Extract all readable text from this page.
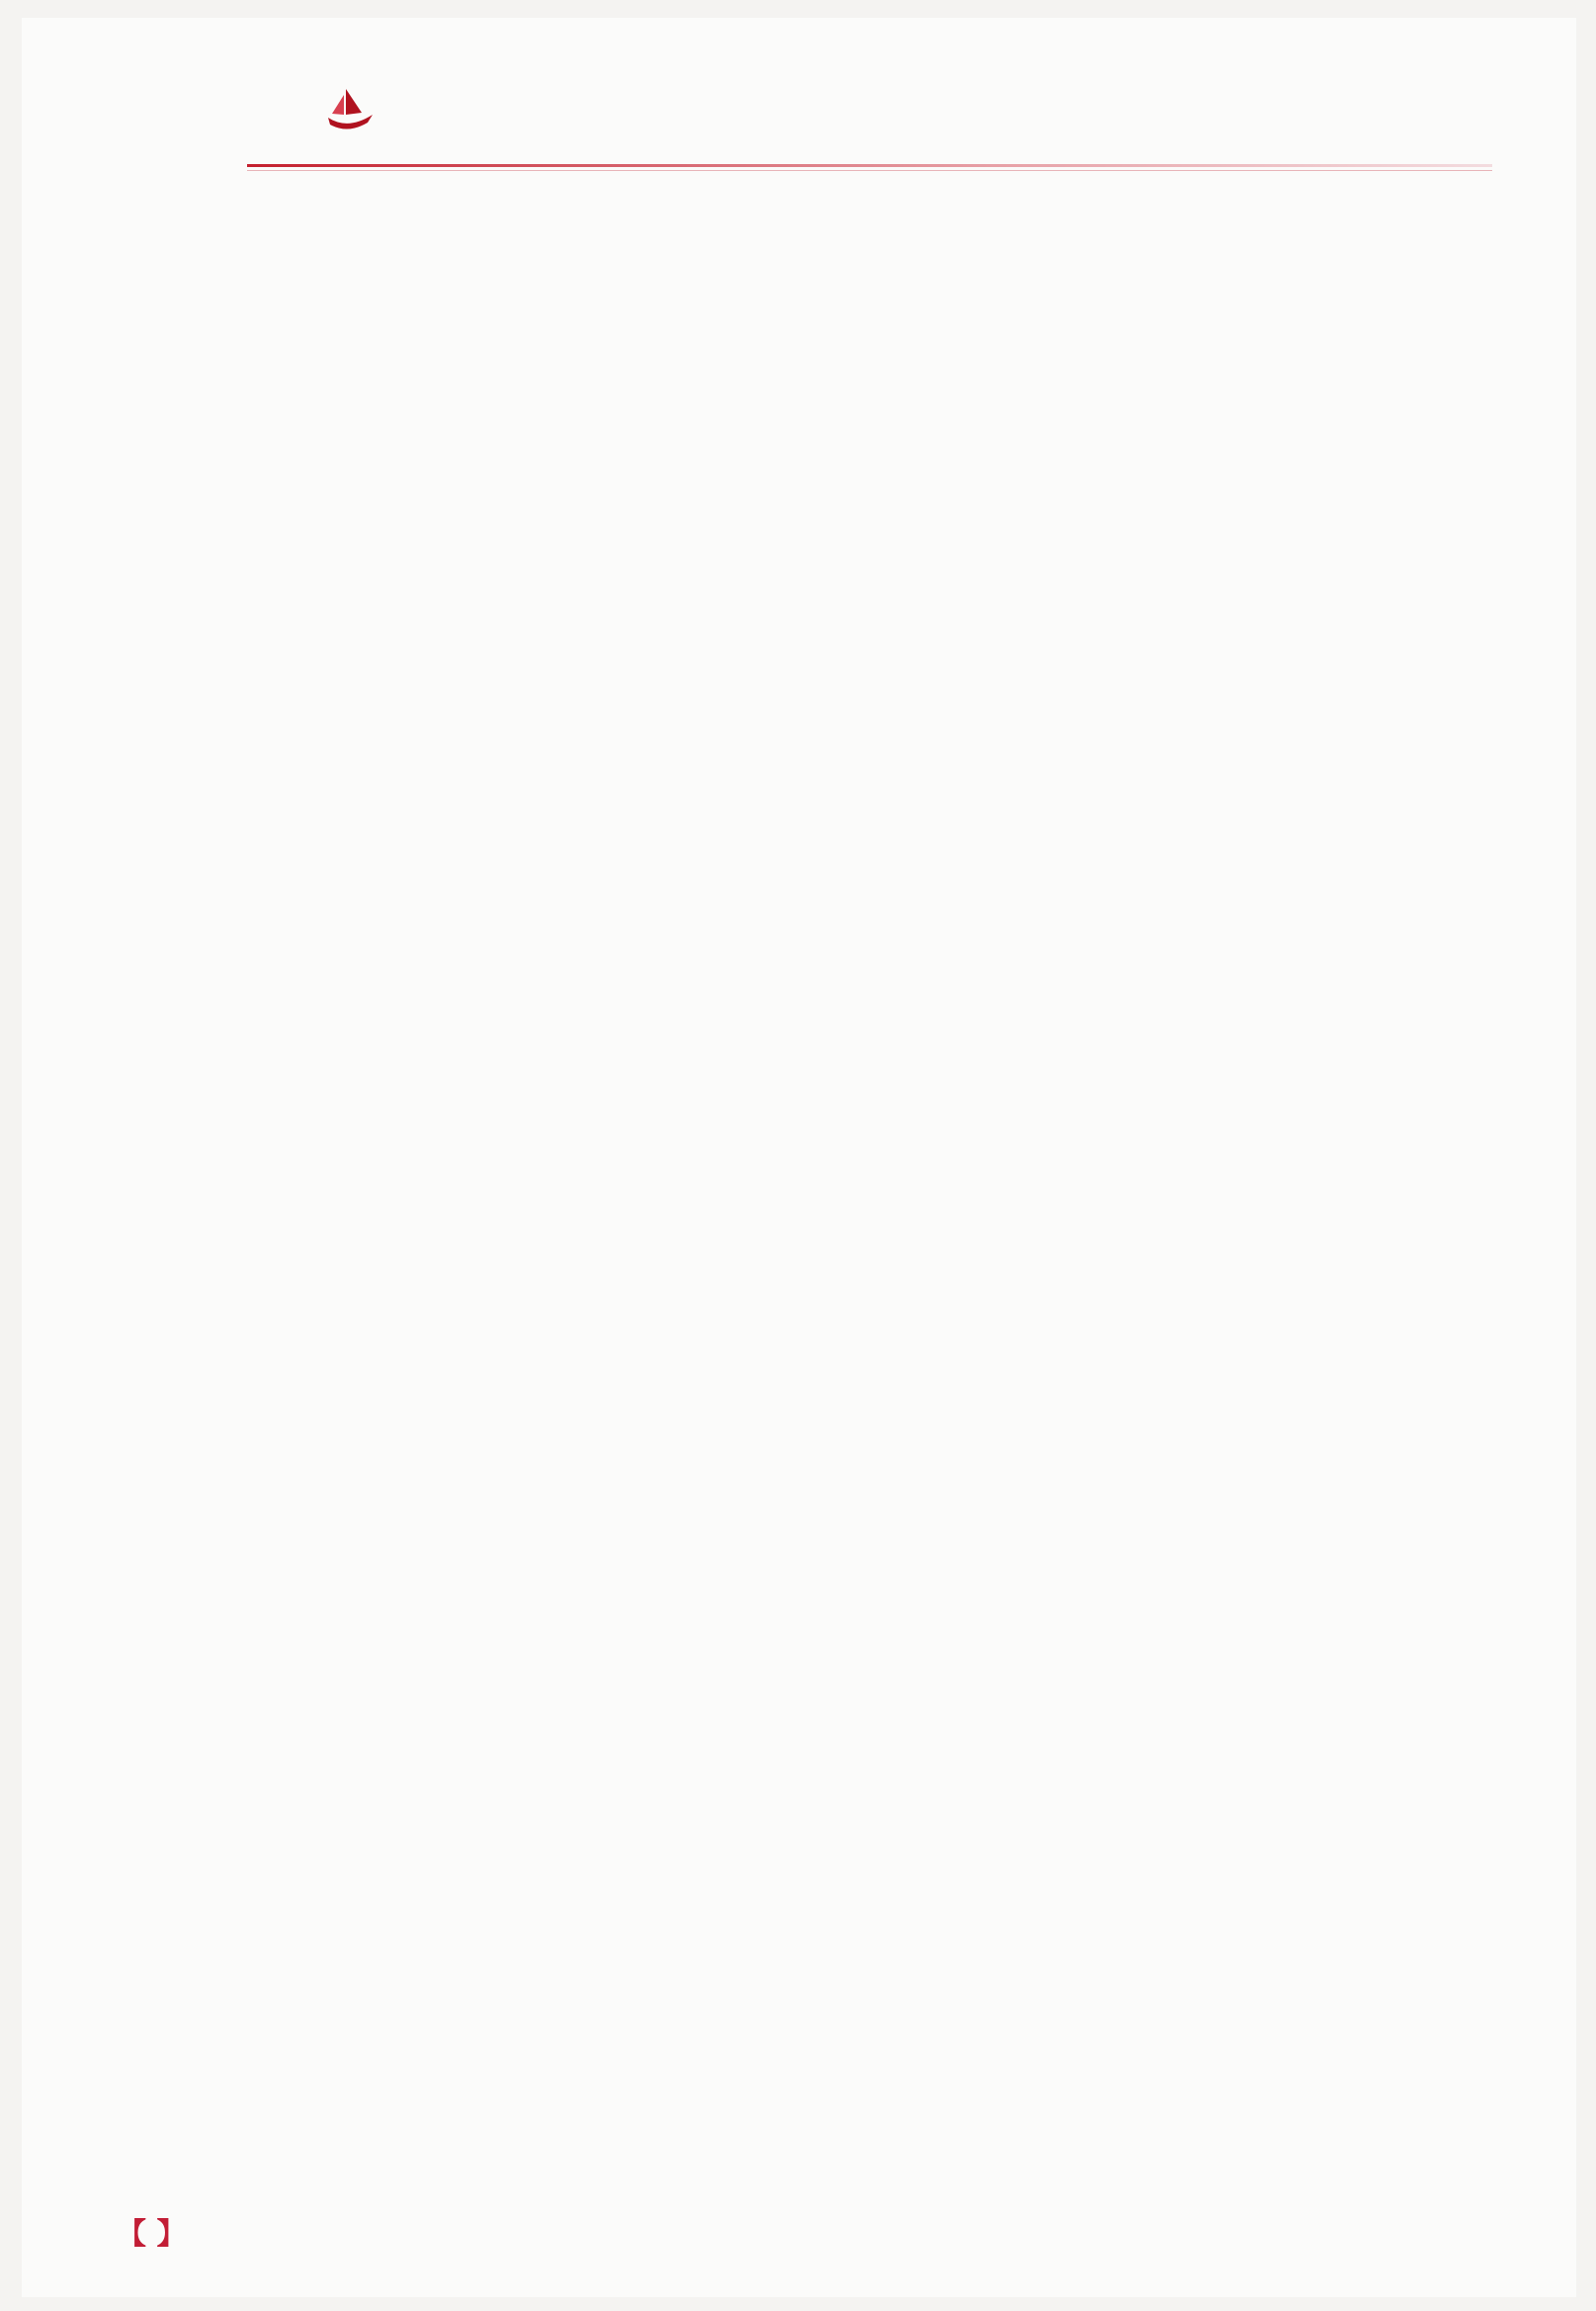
【 】
